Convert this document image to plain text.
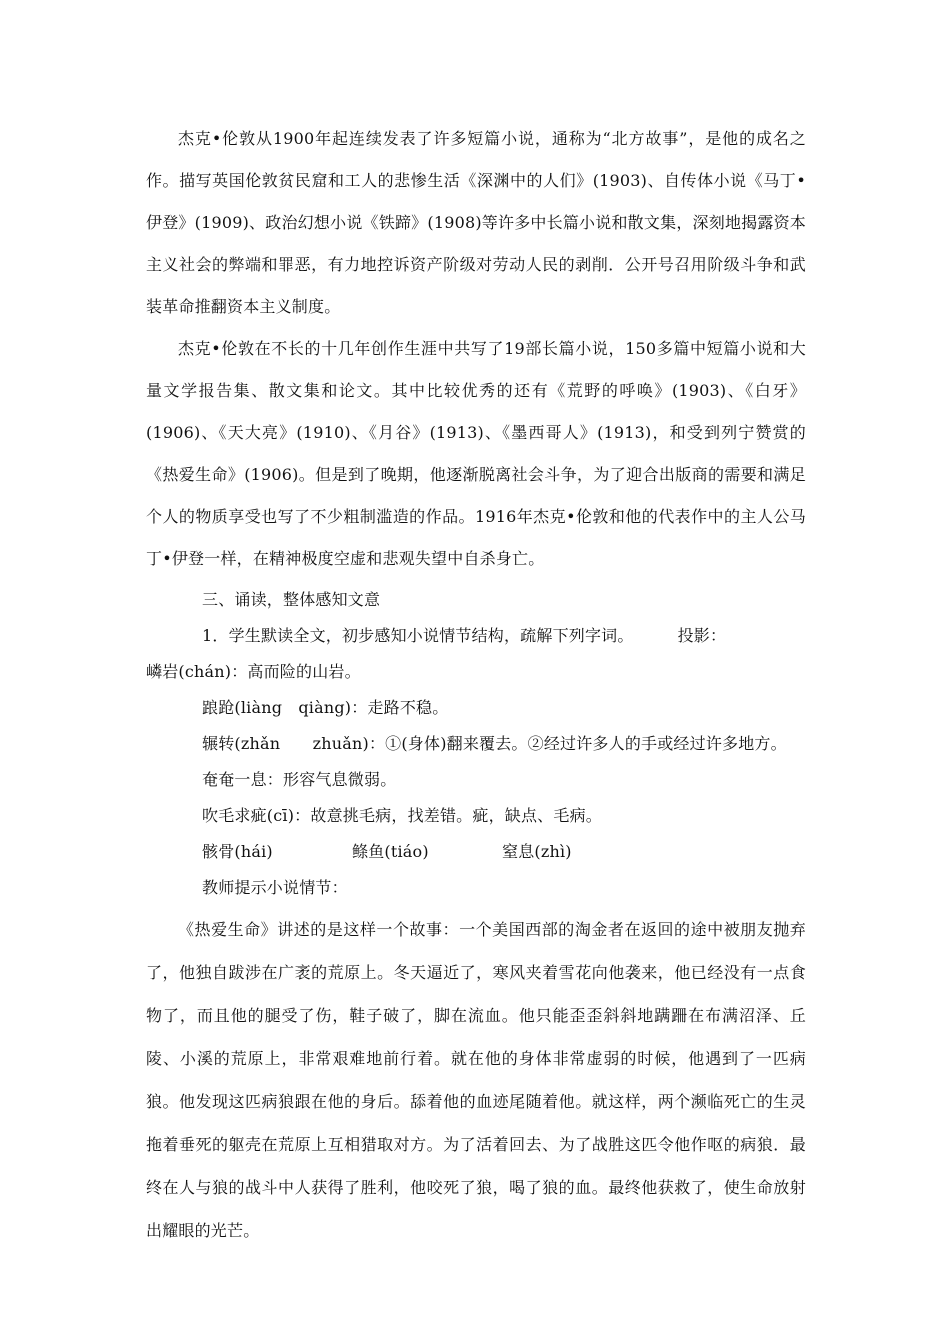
杰克•伦敦从1900年起连续发表了许多短篇小说，通称为“北方故事”，是他的成名之作。描写英国伦敦贫民窟和工人的悲惨生活《深渊中的人们》(1903)、自传体小说《马丁•伊登》(1909)、政治幻想小说《铁蹄》(1908)等许多中长篇小说和散文集，深刻地揭露资本主义社会的弊端和罪恶，有力地控诉资产阶级对劳动人民的剥削．公开号召用阶级斗争和武装革命推翻资本主义制度。

杰克•伦敦在不长的十几年创作生涯中共写了19部长篇小说，150多篇中短篇小说和大量文学报告集、散文集和论文。其中比较优秀的还有《荒野的呼唤》(1903)、《白牙》(1906)、《天大亮》(1910)、《月谷》(1913)、《墨西哥人》(1913)，和受到列宁赞赏的《热爱生命》(1906)。但是到了晚期，他逐渐脱离社会斗争，为了迎合出版商的需要和满足个人的物质享受也写了不少粗制滥造的作品。1916年杰克•伦敦和他的代表作中的主人公马丁•伊登一样，在精神极度空虚和悲观失望中自杀身亡。

三、诵读，整体感知文意

1．学生默读全文，初步感知小说情节结构，疏解下列字词。	投影：

嶙岩(chán)：高而险的山岩。

踉跄(liàng　qiàng)：走路不稳。

辗转(zhǎn　　zhuǎn)：①(身体)翻来覆去。②经过许多人的手或经过许多地方。

奄奄一息：形容气息微弱。

吹毛求疵(cī)：故意挑毛病，找差错。疵，缺点、毛病。

骸骨(hái)	鲦鱼(tiáo)	窒息(zhì)

教师提示小说情节：

《热爱生命》讲述的是这样一个故事：一个美国西部的淘金者在返回的途中被朋友抛弃了，他独自跋涉在广袤的荒原上。冬天逼近了，寒风夹着雪花向他袭来，他已经没有一点食物了，而且他的腿受了伤，鞋子破了，脚在流血。他只能歪歪斜斜地蹒跚在布满沼泽、丘陵、小溪的荒原上，非常艰难地前行着。就在他的身体非常虚弱的时候，他遇到了一匹病狼。他发现这匹病狼跟在他的身后。舔着他的血迹尾随着他。就这样，两个濒临死亡的生灵拖着垂死的躯壳在荒原上互相猎取对方。为了活着回去、为了战胜这匹令他作呕的病狼．最终在人与狼的战斗中人获得了胜利，他咬死了狼，喝了狼的血。最终他获救了，使生命放射出耀眼的光芒。
